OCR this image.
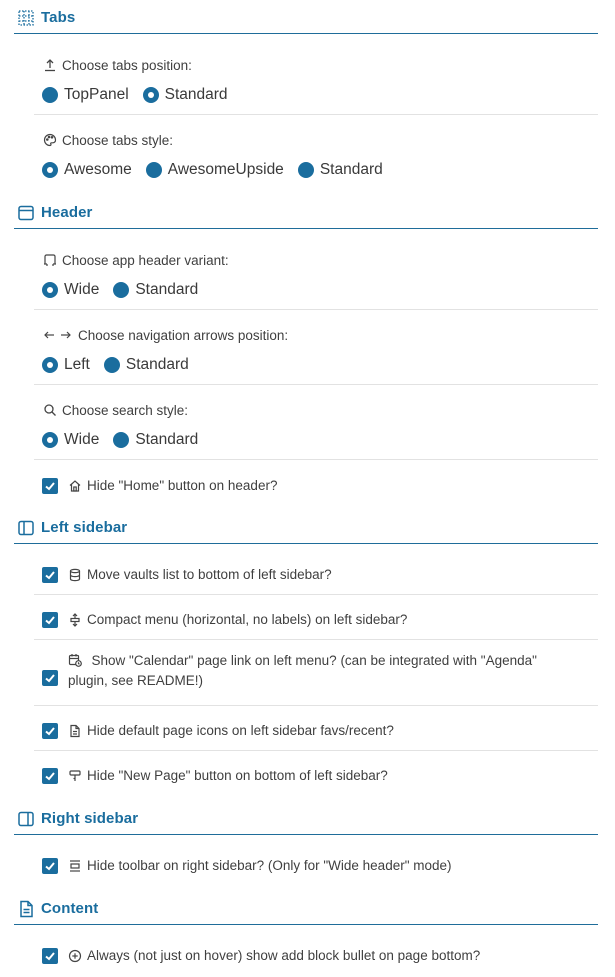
Tabs
Choose tabs position:
TopPanel Standard
Choose tabs style:
Awesome AwesomeUpside Standard
Header
Choose app header variant:
Wide Standard
Choose navigation arrows position:
Left Standard
Choose search style:
Wide Standard
Hide "Home" button on header?
Left sidebar
Move vaults list to bottom of left sidebar?
Compact menu (horizontal, no labels) on left sidebar?
Show "Calendar" page link on left menu? (can be integrated with "Agenda" plugin, see README!)
Hide default page icons on left sidebar favs/recent?
Hide "New Page" button on bottom of left sidebar?
Right sidebar
Hide toolbar on right sidebar? (Only for "Wide header" mode)
Content
Always (not just on hover) show add block bullet on page bottom?
